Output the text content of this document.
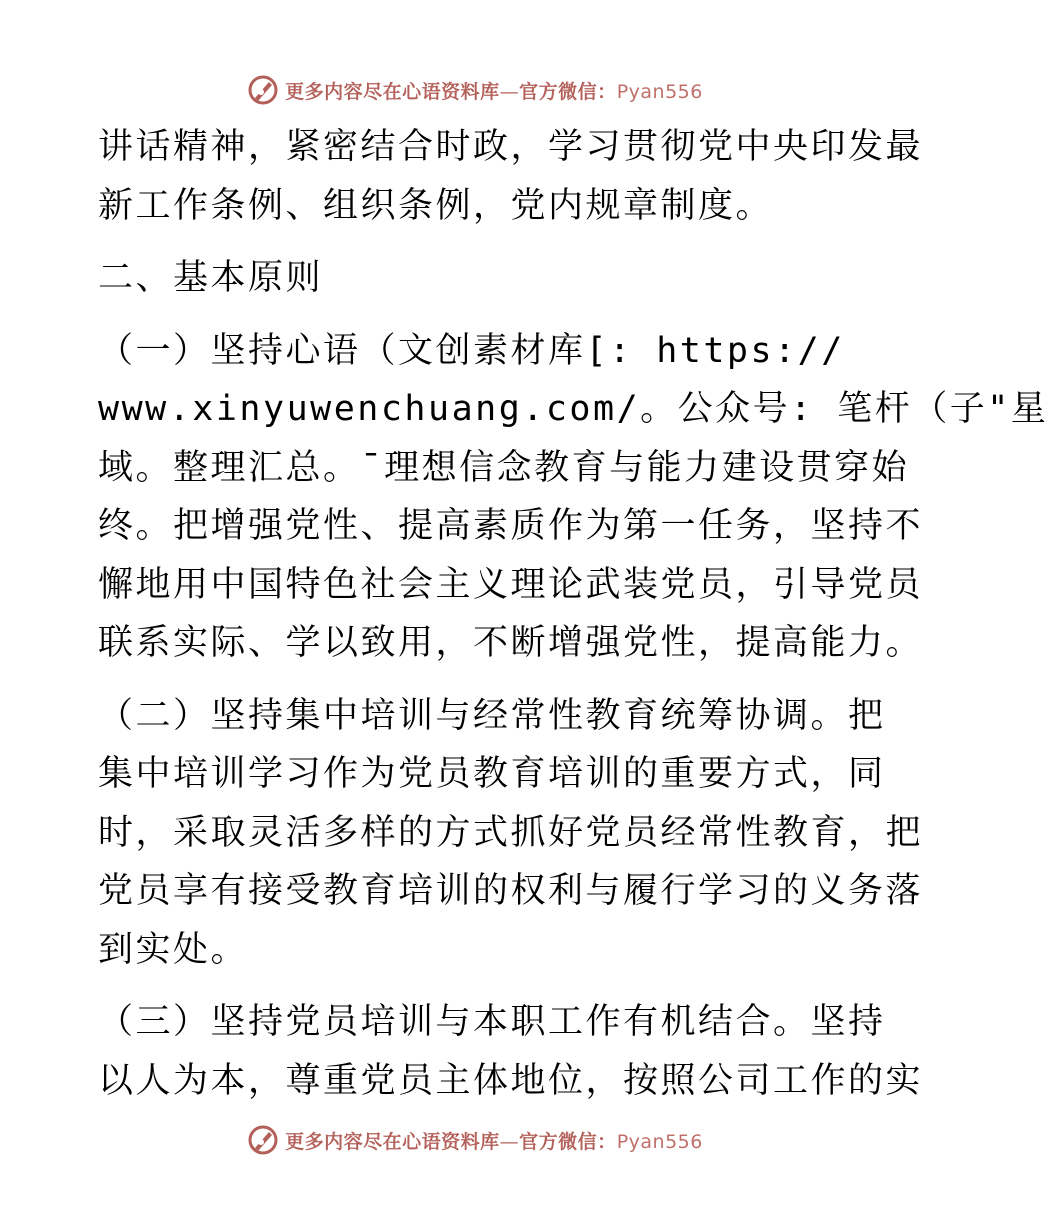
更多内容尽在心语资料库—官方微信：Pyan556

讲话精神，紧密结合时政，学习贯彻党中央印发最
新工作条例、组织条例，党内规章制度。

二、基本原则

（一）坚持心语（文创素材库[: https://
www.xinyuwenchuang.com/。公众号: 笔杆（子"星
域。整理汇总。¯理想信念教育与能力建设贯穿始
终。把增强党性、提高素质作为第一任务，坚持不
懈地用中国特色社会主义理论武装党员，引导党员
联系实际、学以致用，不断增强党性，提高能力。

（二）坚持集中培训与经常性教育统筹协调。把
集中培训学习作为党员教育培训的重要方式，同
时，采取灵活多样的方式抓好党员经常性教育，把
党员享有接受教育培训的权利与履行学习的义务落
到实处。

（三）坚持党员培训与本职工作有机结合。坚持
以人为本，尊重党员主体地位，按照公司工作的实

更多内容尽在心语资料库—官方微信：Pyan556
